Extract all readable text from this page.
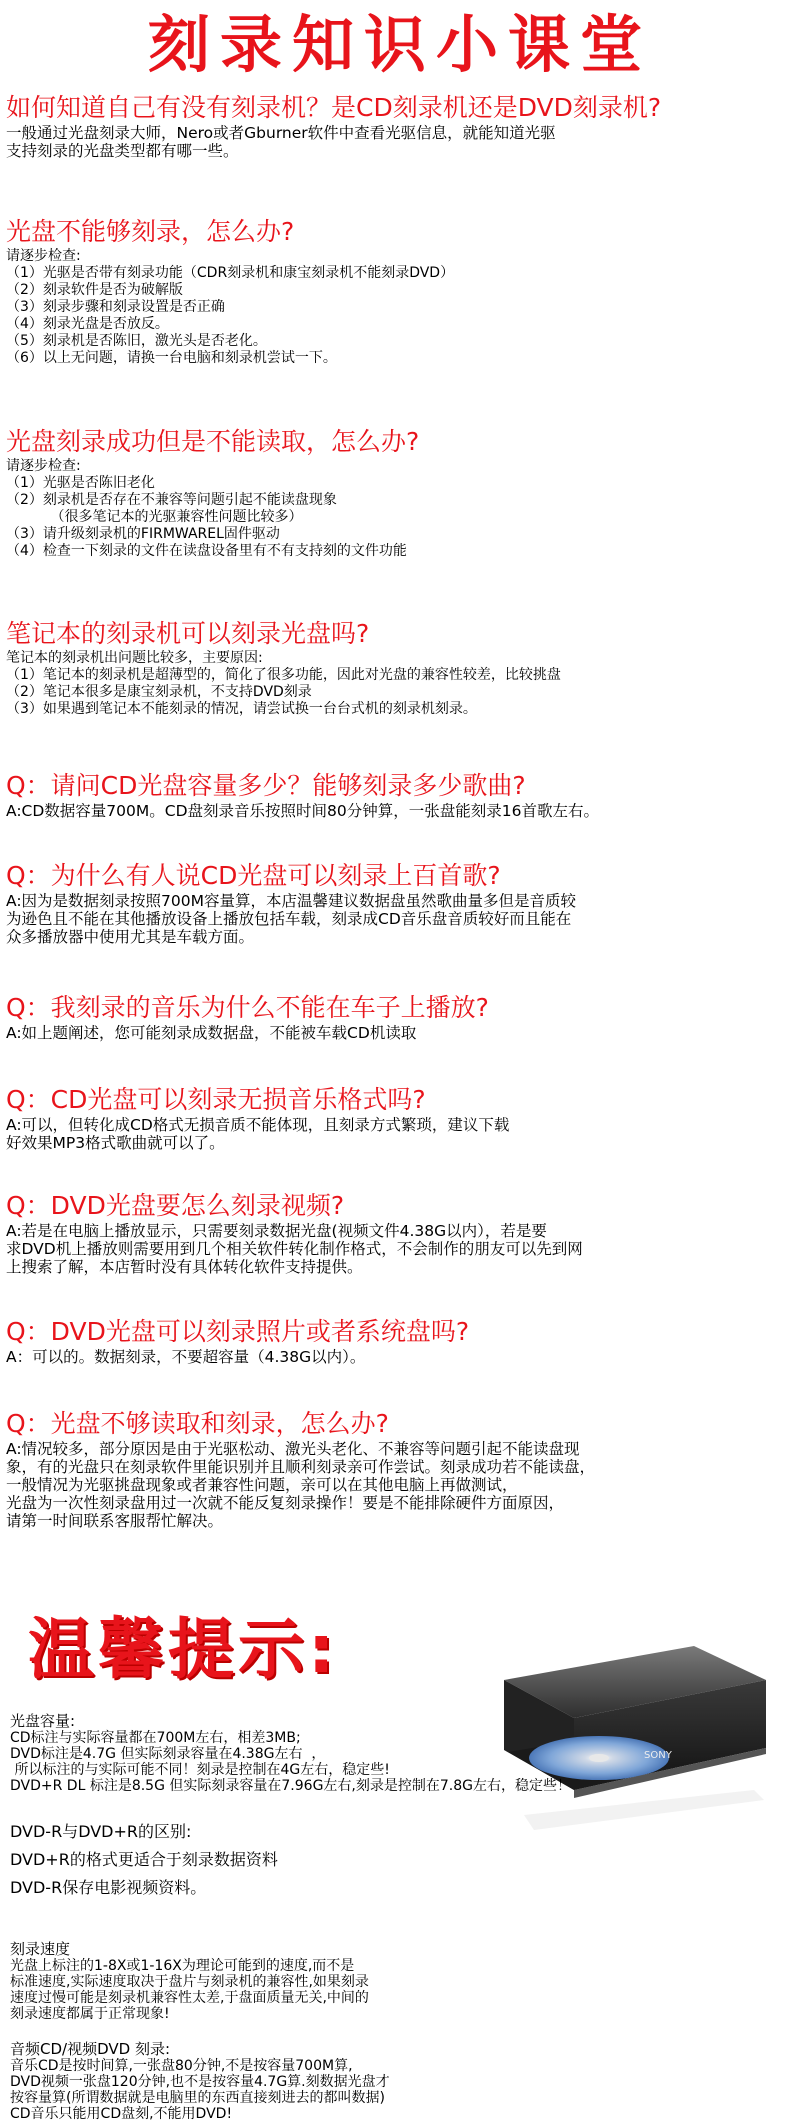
刻录知识小课堂

如何知道自己有没有刻录机？是CD刻录机还是DVD刻录机?

一般通过光盘刻录大师，Nero或者Gburner软件中查看光驱信息，就能知道光驱

支持刻录的光盘类型都有哪一些。

光盘不能够刻录，怎么办?

请逐步检查:

（1）光驱是否带有刻录功能（CDR刻录机和康宝刻录机不能刻录DVD）

（2）刻录软件是否为破解版

（3）刻录步骤和刻录设置是否正确

（4）刻录光盘是否放反。

（5）刻录机是否陈旧，激光头是否老化。

（6）以上无问题，请换一台电脑和刻录机尝试一下。

光盘刻录成功但是不能读取，怎么办?

请逐步检查:

（1）光驱是否陈旧老化

（2）刻录机是否存在不兼容等问题引起不能读盘现象

（很多笔记本的光驱兼容性问题比较多）

（3）请升级刻录机的FIRMWAREL固件驱动

（4）检查一下刻录的文件在读盘设备里有不有支持刻的文件功能

笔记本的刻录机可以刻录光盘吗?

笔记本的刻录机出问题比较多，主要原因:

（1）笔记本的刻录机是超薄型的，简化了很多功能，因此对光盘的兼容性较差，比较挑盘

（2）笔记本很多是康宝刻录机，不支持DVD刻录

（3）如果遇到笔记本不能刻录的情况，请尝试换一台台式机的刻录机刻录。

Q：请问CD光盘容量多少？能够刻录多少歌曲?

A:CD数据容量700M。CD盘刻录音乐按照时间80分钟算，一张盘能刻录16首歌左右。

Q：为什么有人说CD光盘可以刻录上百首歌?

A:因为是数据刻录按照700M容量算，本店温馨建议数据盘虽然歌曲量多但是音质较

为逊色且不能在其他播放设备上播放包括车载，刻录成CD音乐盘音质较好而且能在

众多播放器中使用尤其是车载方面。

Q：我刻录的音乐为什么不能在车子上播放?

A:如上题阐述，您可能刻录成数据盘，不能被车载CD机读取

Q：CD光盘可以刻录无损音乐格式吗?

A:可以，但转化成CD格式无损音质不能体现，且刻录方式繁琐，建议下载

好效果MP3格式歌曲就可以了。

Q：DVD光盘要怎么刻录视频?

A:若是在电脑上播放显示，只需要刻录数据光盘(视频文件4.38G以内），若是要

求DVD机上播放则需要用到几个相关软件转化制作格式，不会制作的朋友可以先到网

上搜索了解，本店暂时没有具体转化软件支持提供。

Q：DVD光盘可以刻录照片或者系统盘吗?

A：可以的。数据刻录，不要超容量（4.38G以内）。

Q：光盘不够读取和刻录，怎么办?

A:情况较多，部分原因是由于光驱松动、激光头老化、不兼容等问题引起不能读盘现

象，有的光盘只在刻录软件里能识别并且顺利刻录亲可作尝试。刻录成功若不能读盘，

一般情况为光驱挑盘现象或者兼容性问题，亲可以在其他电脑上再做测试，

光盘为一次性刻录盘用过一次就不能反复刻录操作！要是不能排除硬件方面原因，

请第一时间联系客服帮忙解决。

温馨提示:
SONY

光盘容量:

CD标注与实际容量都在700M左右，相差3MB;

DVD标注是4.7G 但实际刻录容量在4.38G左右  ，

所以标注的与实际可能不同！刻录是控制在4G左右，稳定些!

DVD+R DL 标注是8.5G 但实际刻录容量在7.96G左右,刻录是控制在7.8G左右，稳定些！

DVD-R与DVD+R的区别:

DVD+R的格式更适合于刻录数据资料

DVD-R保存电影视频资料。

刻录速度

光盘上标注的1-8X或1-16X为理论可能到的速度,而不是

标准速度,实际速度取决于盘片与刻录机的兼容性,如果刻录

速度过慢可能是刻录机兼容性太差,于盘面质量无关,中间的

刻录速度都属于正常现象!

音频CD/视频DVD 刻录:

音乐CD是按时间算,一张盘80分钟,不是按容量700M算,

DVD视频一张盘120分钟,也不是按容量4.7G算.刻数据光盘才

按容量算(所谓数据就是电脑里的东西直接刻进去的都叫数据)

CD音乐只能用CD盘刻,不能用DVD!
